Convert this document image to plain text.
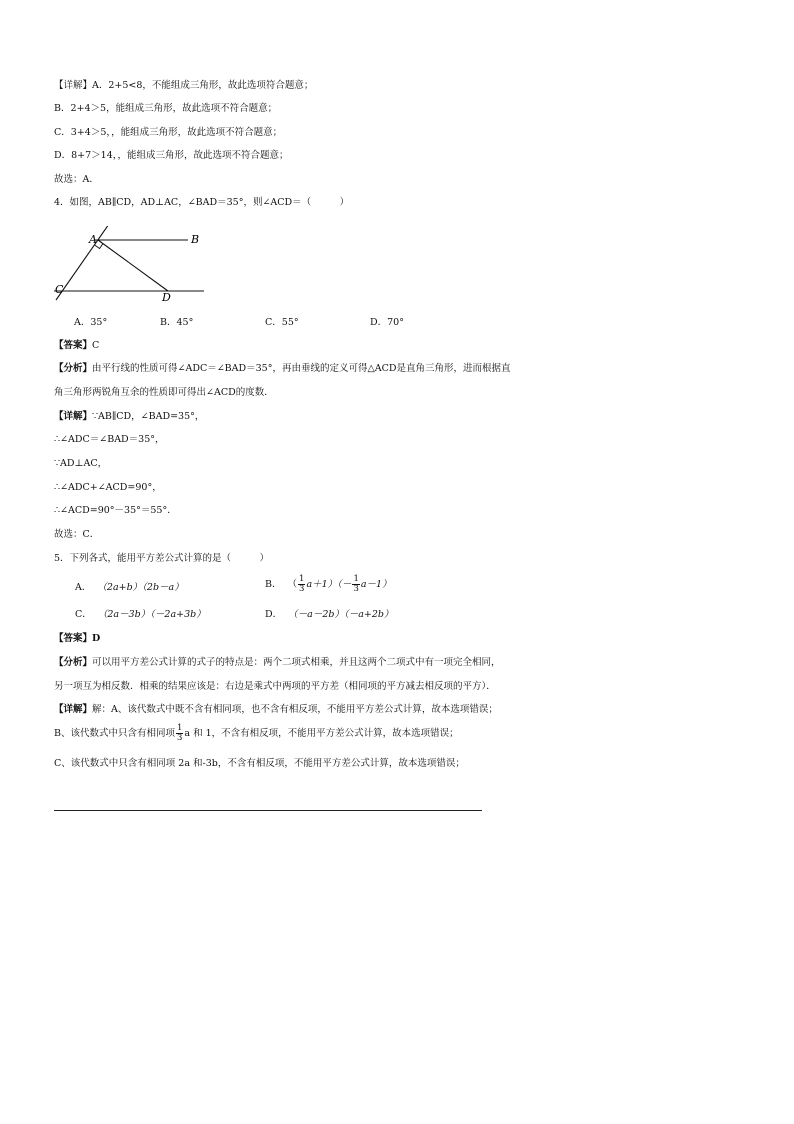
【详解】A．2+5<8，不能组成三角形，故此选项符合题意；
B．2+4＞5，能组成三角形，故此选项不符合题意；
C．3+4＞5，，能组成三角形，故此选项不符合题意；
D．8+7＞14，，能组成三角形，故此选项不符合题意；
故选：A．
4．如图，AB∥CD，AD⊥AC，∠BAD＝35°，则∠ACD＝（　　　）
A	B
C
D
A．35°	B．45°	C．55°	D．70°
【答案】C
【分析】由平行线的性质可得∠ADC＝∠BAD＝35°，再由垂线的定义可得△ACD是直角三角形，进而根据直
角三角形两锐角互余的性质即可得出∠ACD的度数．
【详解】∵AB∥CD，∠BAD=35°，
∴∠ADC＝∠BAD＝35°，
∵AD⊥AC，
∴∠ADC+∠ACD=90°，
∴∠ACD=90°－35°＝55°．
故选：C．
5．下列各式，能用平方差公式计算的是（　　　）
A． （2a+b）（2b－a）	B． （ $\frac{1}{3} a+1)(- \frac{1}{3} a-1)$
C． （2a－3b）（－2a+3b）	D． （－a－2b）（－a+2b）
【答案】D
【分析】可以用平方差公式计算的式子的特点是：两个二项式相乘，并且这两个二项式中有一项完全相同，
另一项互为相反数．相乘的结果应该是：右边是乘式中两项的平方差（相同项的平方减去相反项的平方）．
【详解】解：A、该代数式中既不含有相同项，也不含有相反项，不能用平方差公式计算，故本选项错误；
B、该代数式中只含有相同项 $\frac{1}{3}$ a 和 1，不含有相反项，不能用平方差公式计算，故本选项错误；
C、该代数式中只含有相同项 2a 和-3b，不含有相反项，不能用平方差公式计算，故本选项错误；
